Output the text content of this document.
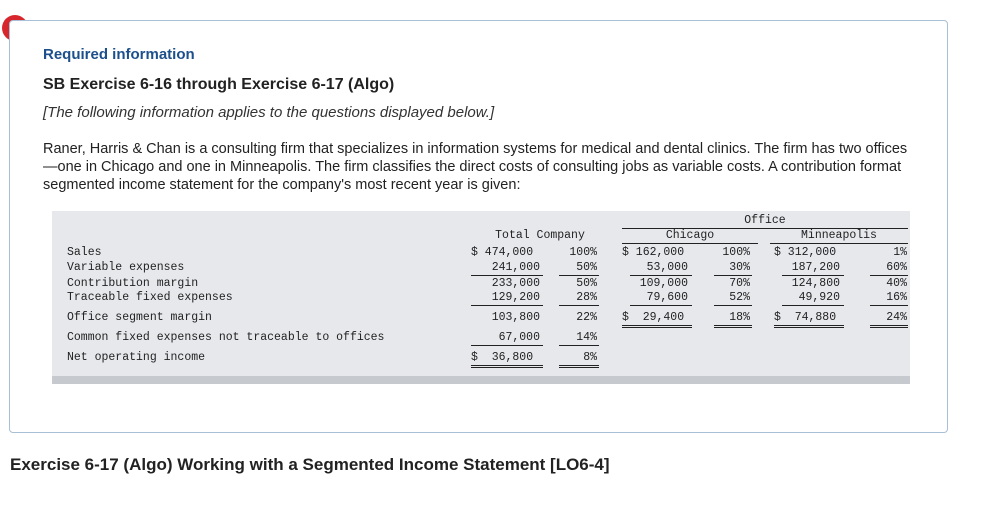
Required information
SB Exercise 6-16 through Exercise 6-17 (Algo)
[The following information applies to the questions displayed below.]

Raner, Harris & Chan is a consulting firm that specializes in information systems for medical and dental clinics. The firm has two offices—one in Chicago and one in Minneapolis. The firm classifies the direct costs of consulting jobs as variable costs. A contribution format segmented income statement for the company's most recent year is given:

Office
Total Company	Chicago	Minneapolis
Sales	$ 474,000	100% $ 162,000	100% $ 312,000	1%
Variable expenses	241,000	50%	53,000	30%	187,200	60%
Contribution margin	233,000	50%	109,000	70%	124,800	40%
Traceable fixed expenses	129,200	28%	79,600	52%	49,920	16%
Office segment margin	103,800	22% $  29,400	18% $  74,880	24%
Common fixed expenses not traceable to offices	67,000	14%
Net operating income	$  36,800	8%
Exercise 6-17 (Algo) Working with a Segmented Income Statement [LO6-4]
